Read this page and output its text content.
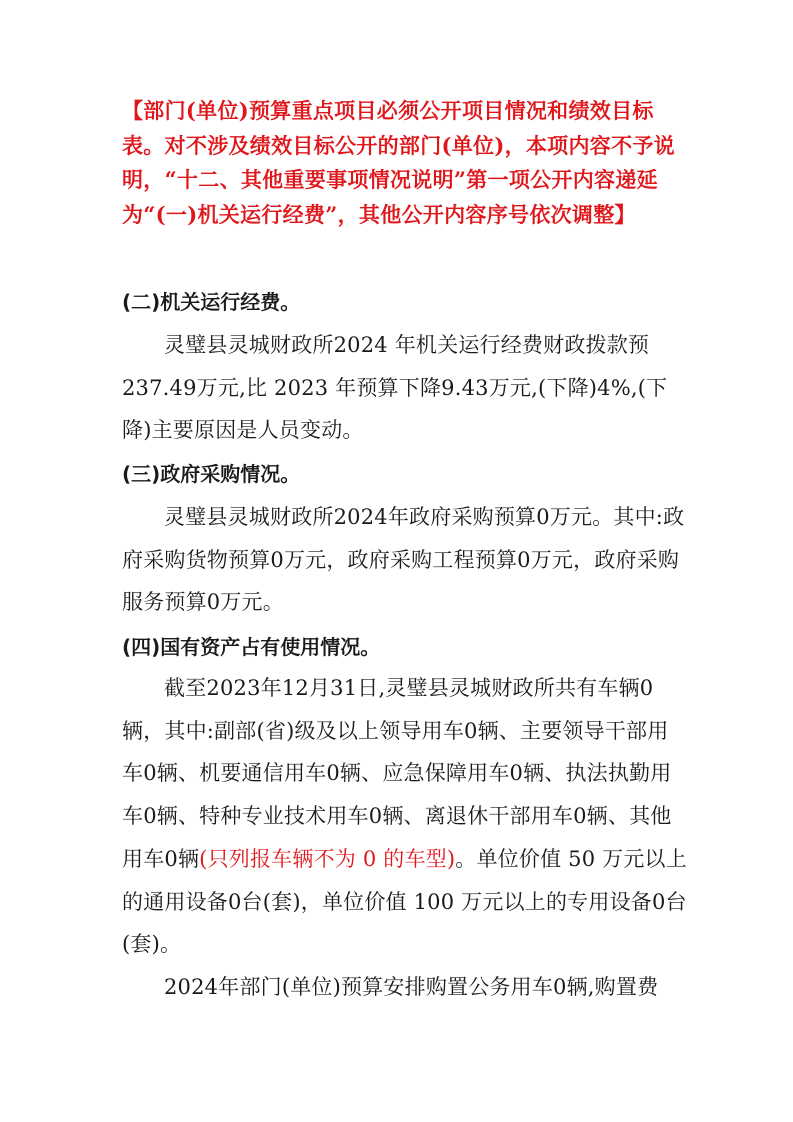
【部门(单位)预算重点项目必须公开项目情况和绩效目标表。对不涉及绩效目标公开的部门(单位)，本项内容不予说明，“十二、其他重要事项情况说明”第一项公开内容递延为“(一)机关运行经费”，其他公开内容序号依次调整】
(二)机关运行经费。
灵璧县灵城财政所2024 年机关运行经费财政拨款预237.49万元,比 2023 年预算下降9.43万元,(下降)4%,(下降)主要原因是人员变动。
(三)政府采购情况。
灵璧县灵城财政所2024年政府采购预算0万元。其中:政府采购货物预算0万元，政府采购工程预算0万元，政府采购服务预算0万元。
(四)国有资产占有使用情况。
截至2023年12月31日,灵璧县灵城财政所共有车辆0辆，其中:副部(省)级及以上领导用车0辆、主要领导干部用车0辆、机要通信用车0辆、应急保障用车0辆、执法执勤用车0辆、特种专业技术用车0辆、离退休干部用车0辆、其他用车0辆(只列报车辆不为 0 的车型)。单位价值 50 万元以上的通用设备0台(套)，单位价值 100 万元以上的专用设备0台(套)。
2024年部门(单位)预算安排购置公务用车0辆,购置费
